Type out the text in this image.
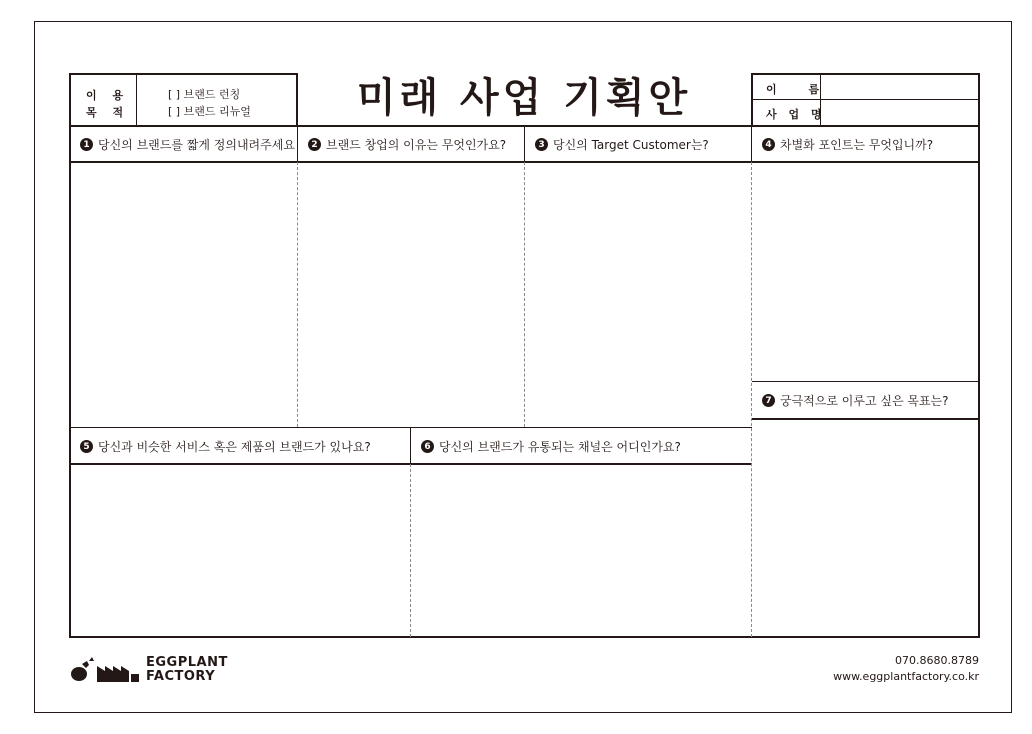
이 용
목 적
[ ] 브랜드 런칭
[ ] 브랜드 리뉴얼	미래 사업 기획안	이 름
사 업 명
1 당신의 브랜드를 짧게 정의내려주세요	2 브랜드 창업의 이유는 무엇인가요?	3 당신의 Target Customer는?	4 차별화 포인트는 무엇입니까?
5 당신과 비슷한 서비스 혹은 제품의 브랜드가 있나요?	6 당신의 브랜드가 유통되는 채널은 어디인가요?
7 궁극적으로 이루고 싶은 목표는?
EGGPLANT
FACTORY
070.8680.8789
www.eggplantfactory.co.kr
